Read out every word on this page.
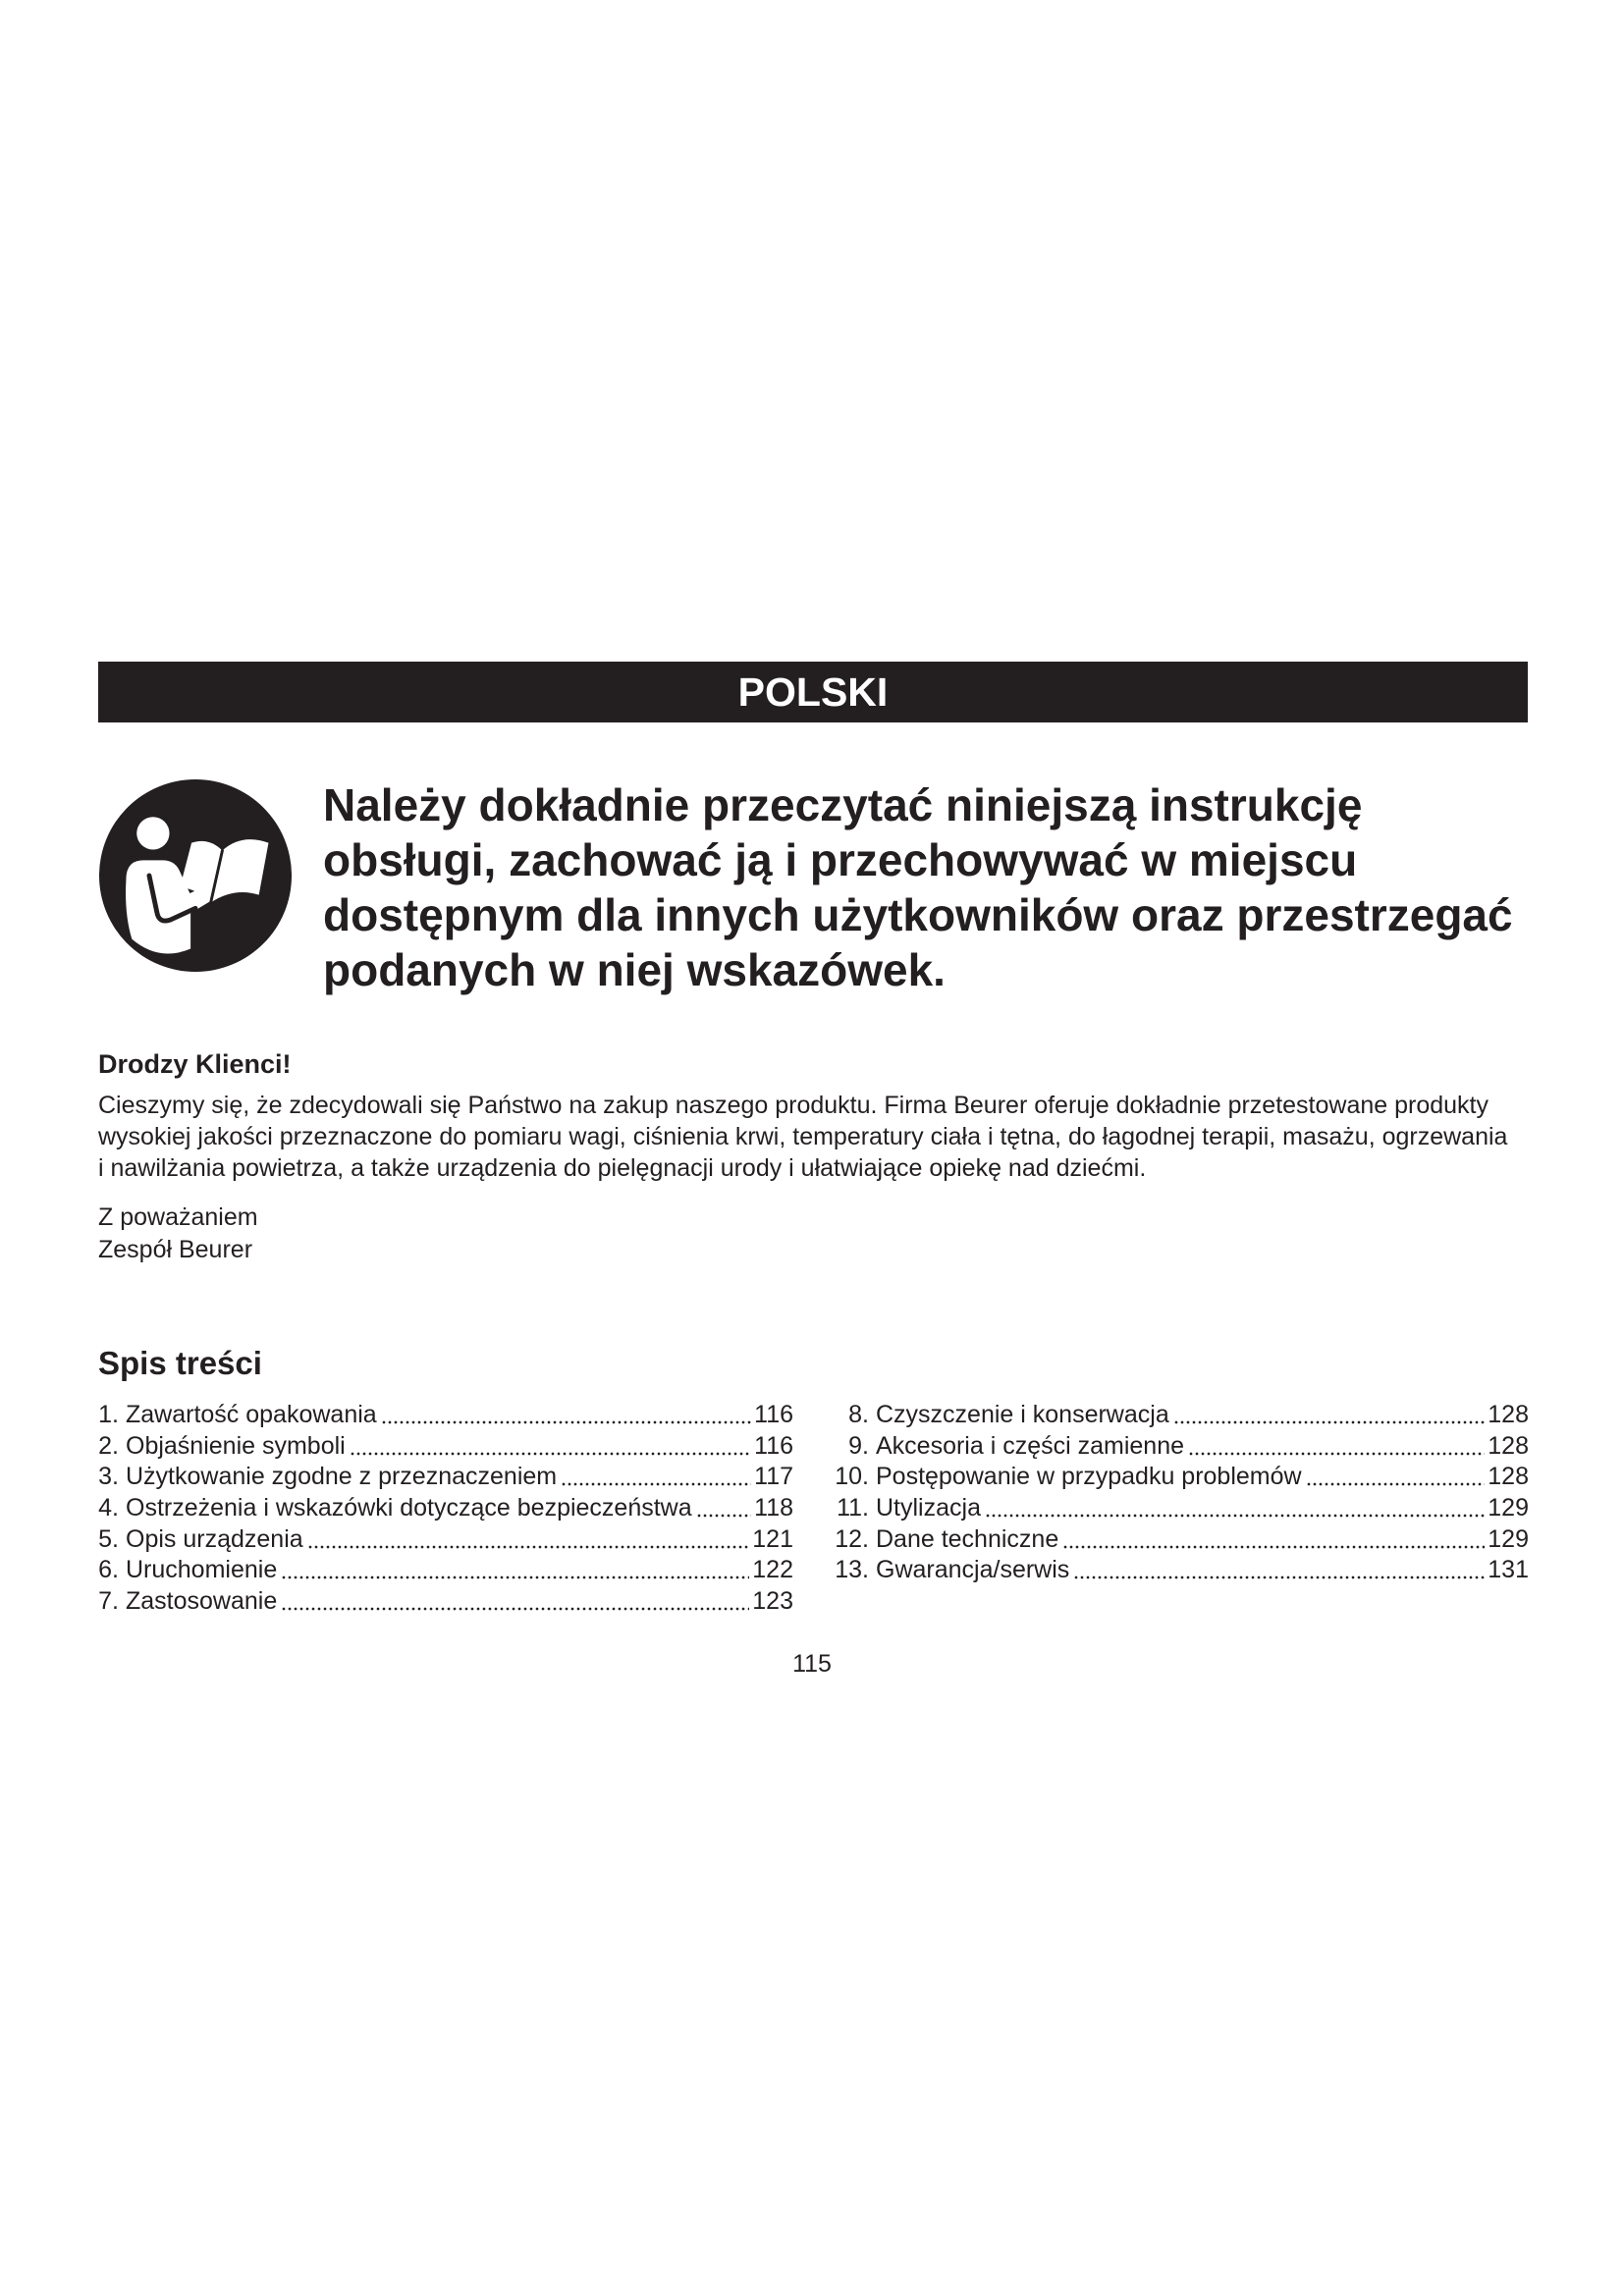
POLSKI

Należy dokładnie przeczytać niniejszą instrukcję obsługi, zachować ją i przechowywać w miejscu dostępnym dla innych użytkowników oraz przestrzegać podanych w niej wskazówek.

Drodzy Klienci!

Cieszymy się, że zdecydowali się Państwo na zakup naszego produktu. Firma Beurer oferuje dokładnie przetestowane produkty wysokiej jakości przeznaczone do pomiaru wagi, ciśnienia krwi, temperatury ciała i tętna, do łagodnej terapii, masażu, ogrzewania i nawilżania powietrza, a także urządzenia do pielęgnacji urody i ułatwiające opiekę nad dziećmi.

Z poważaniem
Zespół Beurer
Spis treści
1. Zawartość opakowania	116
2. Objaśnienie symboli	116
3. Użytkowanie zgodne z przeznaczeniem	117
4. Ostrzeżenia i wskazówki dotyczące bezpieczeństwa	118
5. Opis urządzenia	121
6. Uruchomienie	122
7. Zastosowanie	123
8. Czyszczenie i konserwacja	128
9. Akcesoria i części zamienne	128
10. Postępowanie w przypadku problemów	128
11. Utylizacja	129
12. Dane techniczne	129
13. Gwarancja/serwis	131

115
